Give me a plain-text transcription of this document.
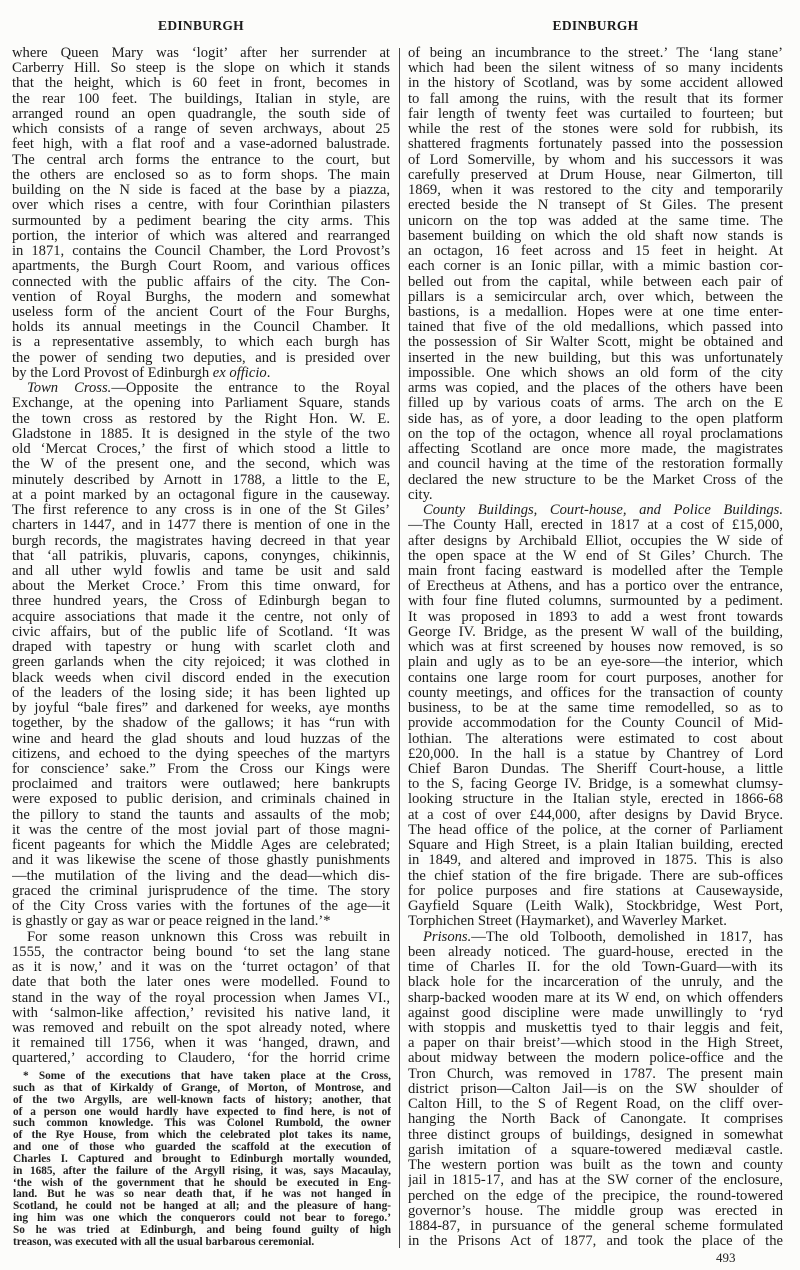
EDINBURGH	EDINBURGH
where Queen Mary was ‘logit’ after her surrender at
Carberry Hill. So steep is the slope on which it stands
that the height, which is 60 feet in front, becomes in
the rear 100 feet. The buildings, Italian in style, are
arranged round an open quadrangle, the south side of
which consists of a range of seven archways, about 25
feet high, with a flat roof and a vase-adorned balustrade.
The central arch forms the entrance to the court, but
the others are enclosed so as to form shops. The main
building on the N side is faced at the base by a piazza,
over which rises a centre, with four Corinthian pilasters
surmounted by a pediment bearing the city arms. This
portion, the interior of which was altered and rearranged
in 1871, contains the Council Chamber, the Lord Provost’s
apartments, the Burgh Court Room, and various offices
connected with the public affairs of the city. The Con-
vention of Royal Burghs, the modern and somewhat
useless form of the ancient Court of the Four Burghs,
holds its annual meetings in the Council Chamber. It
is a representative assembly, to which each burgh has
the power of sending two deputies, and is presided over
by the Lord Provost of Edinburgh ex officio.
Town Cross.—Opposite the entrance to the Royal
Exchange, at the opening into Parliament Square, stands
the town cross as restored by the Right Hon. W. E.
Gladstone in 1885. It is designed in the style of the two
old ‘Mercat Croces,’ the first of which stood a little to
the W of the present one, and the second, which was
minutely described by Arnott in 1788, a little to the E,
at a point marked by an octagonal figure in the causeway.
The first reference to any cross is in one of the St Giles’
charters in 1447, and in 1477 there is mention of one in the
burgh records, the magistrates having decreed in that year
that ‘all patrikis, pluvaris, capons, conynges, chikinnis,
and all uther wyld fowlis and tame be usit and sald
about the Merket Croce.’ From this time onward, for
three hundred years, the Cross of Edinburgh began to
acquire associations that made it the centre, not only of
civic affairs, but of the public life of Scotland. ‘It was
draped with tapestry or hung with scarlet cloth and
green garlands when the city rejoiced; it was clothed in
black weeds when civil discord ended in the execution
of the leaders of the losing side; it has been lighted up
by joyful “bale fires” and darkened for weeks, aye months
together, by the shadow of the gallows; it has “run with
wine and heard the glad shouts and loud huzzas of the
citizens, and echoed to the dying speeches of the martyrs
for conscience’ sake.” From the Cross our Kings were
proclaimed and traitors were outlawed; here bankrupts
were exposed to public derision, and criminals chained in
the pillory to stand the taunts and assaults of the mob;
it was the centre of the most jovial part of those magni-
ficent pageants for which the Middle Ages are celebrated;
and it was likewise the scene of those ghastly punishments
—the mutilation of the living and the dead—which dis-
graced the criminal jurisprudence of the time. The story
of the City Cross varies with the fortunes of the age—it
is ghastly or gay as war or peace reigned in the land.’*
For some reason unknown this Cross was rebuilt in
1555, the contractor being bound ‘to set the lang stane
as it is now,’ and it was on the ‘turret octagon’ of that
date that both the later ones were modelled. Found to
stand in the way of the royal procession when James VI.,
with ‘salmon-like affection,’ revisited his native land, it
was removed and rebuilt on the spot already noted, where
it remained till 1756, when it was ‘hanged, drawn, and
quartered,’ according to Claudero, ‘for the horrid crime
of being an incumbrance to the street.’ The ‘lang stane’
which had been the silent witness of so many incidents
in the history of Scotland, was by some accident allowed
to fall among the ruins, with the result that its former
fair length of twenty feet was curtailed to fourteen; but
while the rest of the stones were sold for rubbish, its
shattered fragments fortunately passed into the possession
of Lord Somerville, by whom and his successors it was
carefully preserved at Drum House, near Gilmerton, till
1869, when it was restored to the city and temporarily
erected beside the N transept of St Giles. The present
unicorn on the top was added at the same time. The
basement building on which the old shaft now stands is
an octagon, 16 feet across and 15 feet in height. At
each corner is an Ionic pillar, with a mimic bastion cor-
belled out from the capital, while between each pair of
pillars is a semicircular arch, over which, between the
bastions, is a medallion. Hopes were at one time enter-
tained that five of the old medallions, which passed into
the possession of Sir Walter Scott, might be obtained and
inserted in the new building, but this was unfortunately
impossible. One which shows an old form of the city
arms was copied, and the places of the others have been
filled up by various coats of arms. The arch on the E
side has, as of yore, a door leading to the open platform
on the top of the octagon, whence all royal proclamations
affecting Scotland are once more made, the magistrates
and council having at the time of the restoration formally
declared the new structure to be the Market Cross of the
city.
County Buildings, Court-house, and Police Buildings.
—The County Hall, erected in 1817 at a cost of £15,000,
after designs by Archibald Elliot, occupies the W side of
the open space at the W end of St Giles’ Church. The
main front facing eastward is modelled after the Temple
of Erectheus at Athens, and has a portico over the entrance,
with four fine fluted columns, surmounted by a pediment.
It was proposed in 1893 to add a west front towards
George IV. Bridge, as the present W wall of the building,
which was at first screened by houses now removed, is so
plain and ugly as to be an eye-sore—the interior, which
contains one large room for court purposes, another for
county meetings, and offices for the transaction of county
business, to be at the same time remodelled, so as to
provide accommodation for the County Council of Mid-
lothian. The alterations were estimated to cost about
£20,000. In the hall is a statue by Chantrey of Lord
Chief Baron Dundas. The Sheriff Court-house, a little
to the S, facing George IV. Bridge, is a somewhat clumsy-
looking structure in the Italian style, erected in 1866-68
at a cost of over £44,000, after designs by David Bryce.
The head office of the police, at the corner of Parliament
Square and High Street, is a plain Italian building, erected
in 1849, and altered and improved in 1875. This is also
the chief station of the fire brigade. There are sub-offices
for police purposes and fire stations at Causewayside,
Gayfield Square (Leith Walk), Stockbridge, West Port,
Torphichen Street (Haymarket), and Waverley Market.
Prisons.—The old Tolbooth, demolished in 1817, has
been already noticed. The guard-house, erected in the
time of Charles II. for the old Town-Guard—with its
black hole for the incarceration of the unruly, and the
sharp-backed wooden mare at its W end, on which offenders
against good discipline were made unwillingly to ‘ryd
with stoppis and muskettis tyed to thair leggis and feit,
a paper on thair breist’—which stood in the High Street,
about midway between the modern police-office and the
Tron Church, was removed in 1787. The present main
district prison—Calton Jail—is on the SW shoulder of
Calton Hill, to the S of Regent Road, on the cliff over-
hanging the North Back of Canongate. It comprises
three distinct groups of buildings, designed in somewhat
garish imitation of a square-towered mediæval castle.
The western portion was built as the town and county
jail in 1815-17, and has at the SW corner of the enclosure,
perched on the edge of the precipice, the round-towered
governor’s house. The middle group was erected in
1884-87, in pursuance of the general scheme formulated
in the Prisons Act of 1877, and took the place of the
* Some of the executions that have taken place at the Cross,
such as that of Kirkaldy of Grange, of Morton, of Montrose, and
of the two Argylls, are well-known facts of history; another, that
of a person one would hardly have expected to find here, is not of
such common knowledge. This was Colonel Rumbold, the owner
of the Rye House, from which the celebrated plot takes its name,
and one of those who guarded the scaffold at the execution of
Charles I. Captured and brought to Edinburgh mortally wounded,
in 1685, after the failure of the Argyll rising, it was, says Macaulay,
‘the wish of the government that he should be executed in Eng-
land. But he was so near death that, if he was not hanged in
Scotland, he could not be hanged at all; and the pleasure of hang-
ing him was one which the conquerors could not bear to forego.’
So he was tried at Edinburgh, and being found guilty of high
treason, was executed with all the usual barbarous ceremonial.
493
